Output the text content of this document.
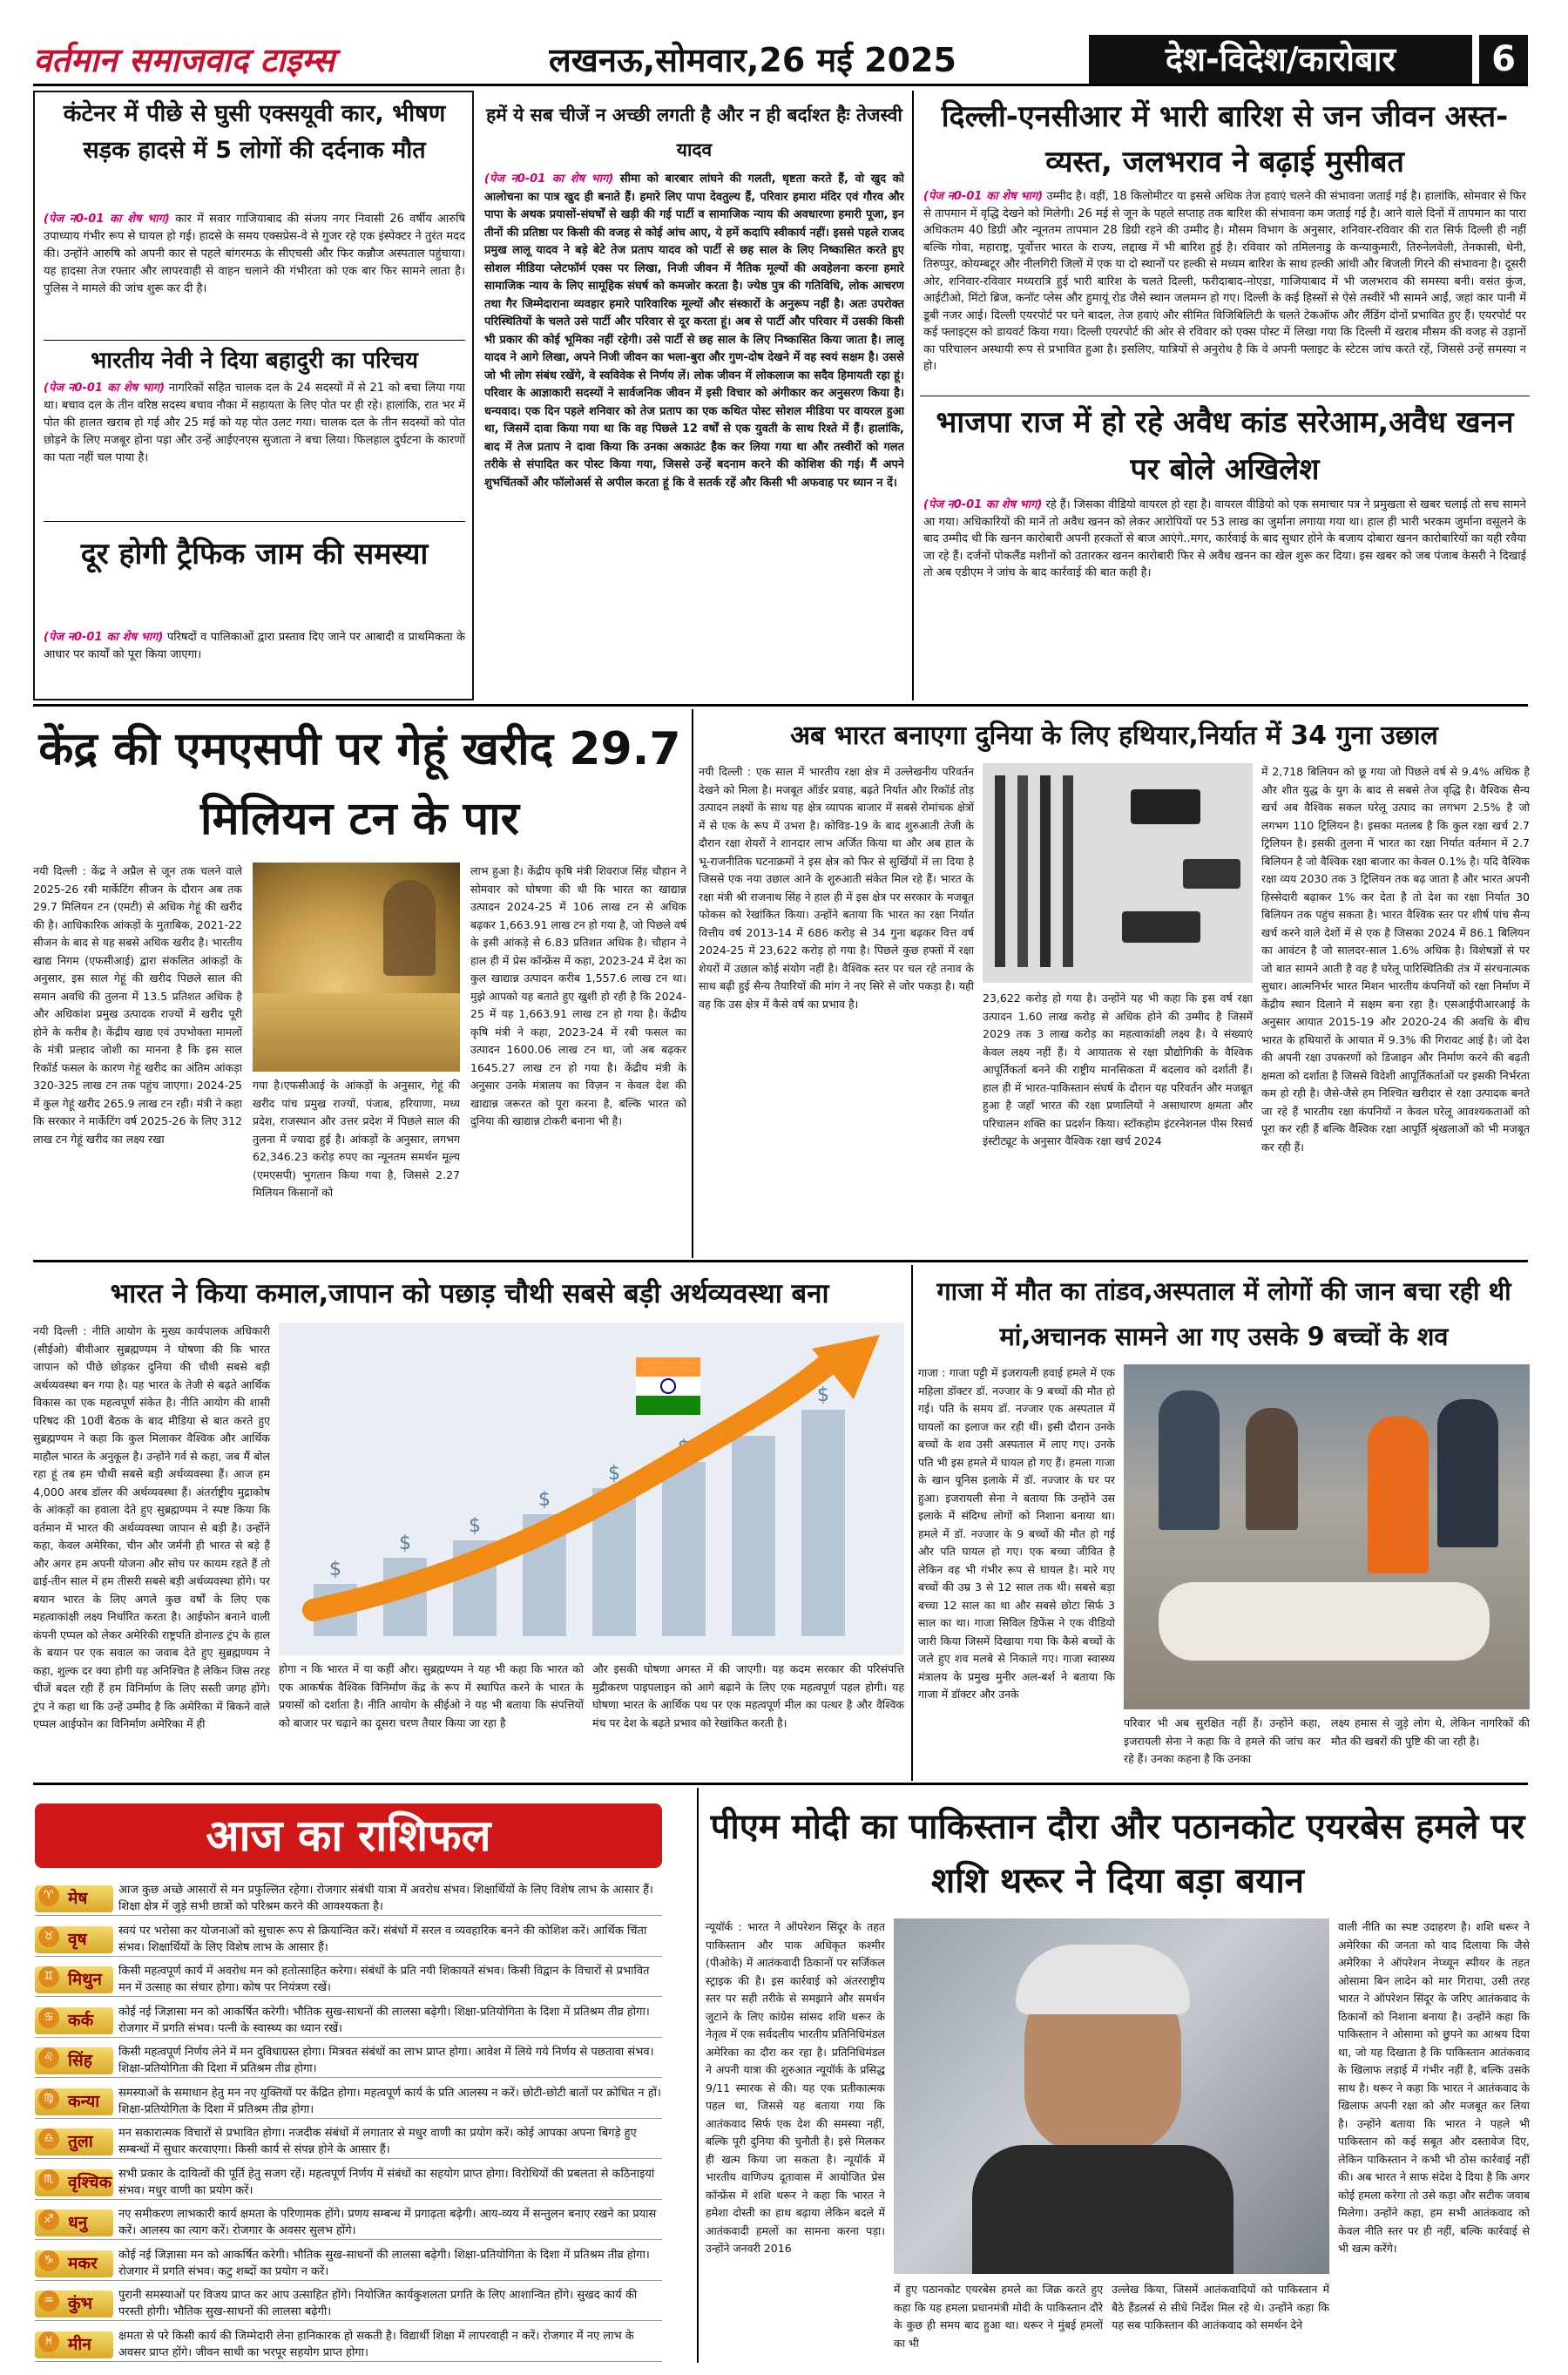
वर्तमान समाजवाद टाइम्स	लखनऊ,सोमवार,26 मई 2025	देश-विदेश/कारोबार	6
कंटेनर में पीछे से घुसी एक्सयूवी कार, भीषण सड़क हादसे में 5 लोगों की दर्दनाक मौत
(पेज न0-01 का शेष भाग) कार में सवार गाजियाबाद की संजय नगर निवासी 26 वर्षीय आरुषि उपाध्याय गंभीर रूप से घायल हो गई। हादसे के समय एक्सप्रेस-वे से गुजर रहे एक इंस्पेक्टर ने तुरंत मदद की। उन्होंने आरुषि को अपनी कार से पहले बांगरमऊ के सीएचसी और फिर कन्नौज अस्पताल पहुंचाया। यह हादसा तेज रफ्तार और लापरवाही से वाहन चलाने की गंभीरता को एक बार फिर सामने लाता है। पुलिस ने मामले की जांच शुरू कर दी है।
भारतीय नेवी ने दिया बहादुरी का परिचय
(पेज न0-01 का शेष भाग) नागरिकों सहित चालक दल के 24 सदस्यों में से 21 को बचा लिया गया था। बचाव दल के तीन वरिष्ठ सदस्य बचाव नौका में सहायता के लिए पोत पर ही रहे। हालांकि, रात भर में पोत की हालत खराब हो गई और 25 मई को यह पोत उलट गया। चालक दल के तीन सदस्यों को पोत छोड़ने के लिए मजबूर होना पड़ा और उन्हें आईएनएस सुजाता ने बचा लिया। फिलहाल दुर्घटना के कारणों का पता नहीं चल पाया है।
दूर होगी ट्रैफिक जाम की समस्या
(पेज न0-01 का शेष भाग) परिषदों व पालिकाओं द्वारा प्रस्ताव दिए जाने पर आबादी व प्राथमिकता के आधार पर कार्यों को पूरा किया जाएगा।
हमें ये सब चीजें न अच्छी लगती है और न ही बर्दाश्त हैः तेजस्वी यादव
(पेज न0-01 का शेष भाग) सीमा को बारबार लांघने की गलती, धृष्टता करते हैं, वो खुद को आलोचना का पात्र खुद ही बनाते हैं। हमारे लिए पापा देवतुल्य हैं, परिवार हमारा मंदिर एवं गौरव और पापा के अथक प्रयासों-संघर्षों से खड़ी की गई पार्टी व सामाजिक न्याय की अवधारणा हमारी पूजा, इन तीनों की प्रतिष्ठा पर किसी की वजह से कोई आंच आए, ये हमें कदापि स्वीकार्य नहीं। इससे पहले राजद प्रमुख लालू यादव ने बड़े बेटे तेज प्रताप यादव को पार्टी से छह साल के लिए निष्कासित करते हुए सोशल मीडिया प्लेटफॉर्म एक्स पर लिखा, निजी जीवन में नैतिक मूल्यों की अवहेलना करना हमारे सामाजिक न्याय के लिए सामूहिक संघर्ष को कमजोर करता है। ज्येष्ठ पुत्र की गतिविधि, लोक आचरण तथा गैर जिम्मेदाराना व्यवहार हमारे पारिवारिक मूल्यों और संस्कारों के अनुरूप नहीं है। अतः उपरोक्त परिस्थितियों के चलते उसे पार्टी और परिवार से दूर करता हूं। अब से पार्टी और परिवार में उसकी किसी भी प्रकार की कोई भूमिका नहीं रहेगी। उसे पार्टी से छह साल के लिए निष्कासित किया जाता है। लालू यादव ने आगे लिखा, अपने निजी जीवन का भला-बुरा और गुण-दोष देखने में वह स्वयं सक्षम है। उससे जो भी लोग संबंध रखेंगे, वे स्वविवेक से निर्णय लें। लोक जीवन में लोकलाज का सदैव हिमायती रहा हूं। परिवार के आज्ञाकारी सदस्यों ने सार्वजनिक जीवन में इसी विचार को अंगीकार कर अनुसरण किया है। धन्यवाद। एक दिन पहले शनिवार को तेज प्रताप का एक कथित पोस्ट सोशल मीडिया पर वायरल हुआ था, जिसमें दावा किया गया था कि वह पिछले 12 वर्षों से एक युवती के साथ रिश्ते में हैं। हालांकि, बाद में तेज प्रताप ने दावा किया कि उनका अकाउंट हैक कर लिया गया था और तस्वीरों को गलत तरीके से संपादित कर पोस्ट किया गया, जिससे उन्हें बदनाम करने की कोशिश की गई। मैं अपने शुभचिंतकों और फॉलोअर्स से अपील करता हूं कि वे सतर्क रहें और किसी भी अफवाह पर ध्यान न दें।
दिल्ली-एनसीआर में भारी बारिश से जन जीवन अस्त-व्यस्त, जलभराव ने बढ़ाई मुसीबत
(पेज न0-01 का शेष भाग) उम्मीद है। वहीं, 18 किलोमीटर या इससे अधिक तेज हवाएं चलने की संभावना जताई गई है। हालांकि, सोमवार से फिर से तापमान में वृद्धि देखने को मिलेगी। 26 मई से जून के पहले सप्ताह तक बारिश की संभावना कम जताई गई है। आने वाले दिनों में तापमान का पारा अधिकतम 40 डिग्री और न्यूनतम तापमान 28 डिग्री रहने की उम्मीद है। मौसम विभाग के अनुसार, शनिवार-रविवार की रात सिर्फ दिल्ली ही नहीं बल्कि गोवा, महाराष्ट्र, पूर्वोत्तर भारत के राज्य, लद्दाख में भी बारिश हुई है। रविवार को तमिलनाडु के कन्याकुमारी, तिरुनेलवेली, तेनकासी, थेनी, तिरुप्पुर, कोयम्बटूर और नीलगिरी जिलों में एक या दो स्थानों पर हल्की से मध्यम बारिश के साथ हल्की आंधी और बिजली गिरने की संभावना है। दूसरी ओर, शनिवार-रविवार मध्यरात्रि हुई भारी बारिश के चलते दिल्ली, फरीदाबाद-नोएडा, गाजियाबाद में भी जलभराव की समस्या बनी। वसंत कुंज, आईटीओ, मिंटो ब्रिज, कनॉट प्लेस और हुमायूं रोड जैसे स्थान जलमग्न हो गए। दिल्ली के कई हिस्सों से ऐसे तस्वीरें भी सामने आईं, जहां कार पानी में डूबी नजर आई। दिल्ली एयरपोर्ट पर घने बादल, तेज हवाएं और सीमित विजिबिलिटी के चलते टेकऑफ और लैंडिंग दोनों प्रभावित हुए हैं। एयरपोर्ट पर कई फ्लाइट्स को डायवर्ट किया गया। दिल्ली एयरपोर्ट की ओर से रविवार को एक्स पोस्ट में लिखा गया कि दिल्ली में खराब मौसम की वजह से उड़ानों का परिचालन अस्थायी रूप से प्रभावित हुआ है। इसलिए, यात्रियों से अनुरोध है कि वे अपनी फ्लाइट के स्टेटस जांच करते रहें, जिससे उन्हें समस्या न हो।
भाजपा राज में हो रहे अवैध कांड सरेआम,अवैध खनन पर बोले अखिलेश
(पेज न0-01 का शेष भाग) रहे हैं। जिसका वीडियो वायरल हो रहा है। वायरल वीडियो को एक समाचार पत्र ने प्रमुखता से खबर चलाई तो सच सामने आ गया। अधिकारियों की मानें तो अवैध खनन को लेकर आरोपियों पर 53 लाख का जुर्माना लगाया गया था। हाल ही भारी भरकम जुर्माना वसूलने के बाद उम्मीद थी कि खनन कारोबारी अपनी हरकतों से बाज आएंगे..मगर, कार्रवाई के बाद सुधार होने के बजाय दोबारा खनन कारोबारियों का यही रवैया जा रहे हैं। दर्जनों पोकलैंड मशीनों को उतारकर खनन कारोबारी फिर से अवैध खनन का खेल शुरू कर दिया। इस खबर को जब पंजाब केसरी ने दिखाई तो अब एडीएम ने जांच के बाद कार्रवाई की बात कही है।
केंद्र की एमएसपी पर गेहूं खरीद 29.7 मिलियन टन के पार
नयी दिल्ली : केंद्र ने अप्रैल से जून तक चलने वाले 2025-26 रबी मार्केटिंग सीजन के दौरान अब तक 29.7 मिलियन टन (एमटी) से अधिक गेहूं की खरीद की है। आधिकारिक आंकड़ों के मुताबिक, 2021-22 सीजन के बाद से यह सबसे अधिक खरीद है। भारतीय खाद्य निगम (एफसीआई) द्वारा संकलित आंकड़ों के अनुसार, इस साल गेहूं की खरीद पिछले साल की समान अवधि की तुलना में 13.5 प्रतिशत अधिक है और अधिकांश प्रमुख उत्पादक राज्यों में खरीद पूरी होने के करीब है। केंद्रीय खाद्य एवं उपभोक्ता मामलों के मंत्री प्रल्हाद जोशी का मानना है कि इस साल रिकॉर्ड फसल के कारण गेहूं खरीद का अंतिम आंकड़ा 320-325 लाख टन तक पहुंच जाएगा। 2024-25 में कुल गेहूं खरीद 265.9 लाख टन रही। मंत्री ने कहा कि सरकार ने मार्केटिंग वर्ष 2025-26 के लिए 312 लाख टन गेहूं खरीद का लक्ष्य रखा
गया है।एफसीआई के आंकड़ों के अनुसार, गेहूं की खरीद पांच प्रमुख राज्यों, पंजाब, हरियाणा, मध्य प्रदेश, राजस्थान और उत्तर प्रदेश में पिछले साल की तुलना में ज्यादा हुई है। आंकड़ों के अनुसार, लगभग 62,346.23 करोड़ रुपए का न्यूनतम समर्थन मूल्य (एमएसपी) भुगतान किया गया है, जिससे 2.27 मिलियन किसानों को
लाभ हुआ है। केंद्रीय कृषि मंत्री शिवराज सिंह चौहान ने सोमवार को घोषणा की थी कि भारत का खाद्यान्न उत्पादन 2024-25 में 106 लाख टन से अधिक बढ़कर 1,663.91 लाख टन हो गया है, जो पिछले वर्ष के इसी आंकड़े से 6.83 प्रतिशत अधिक है। चौहान ने हाल ही में प्रेस कॉन्फ्रेंस में कहा, 2023-24 में देश का कुल खाद्यान्न उत्पादन करीब 1,557.6 लाख टन था। मुझे आपको यह बताते हुए खुशी हो रही है कि 2024-25 में यह 1,663.91 लाख टन हो गया है। केंद्रीय कृषि मंत्री ने कहा, 2023-24 में रबी फसल का उत्पादन 1600.06 लाख टन था, जो अब बढ़कर 1645.27 लाख टन हो गया है। केंद्रीय मंत्री के अनुसार उनके मंत्रालय का विज़न न केवल देश की खाद्यान्न जरूरत को पूरा करना है, बल्कि भारत को दुनिया की खाद्यान्न टोकरी बनाना भी है।
अब भारत बनाएगा दुनिया के लिए हथियार,निर्यात में 34 गुना उछाल
नयी दिल्ली : एक साल में भारतीय रक्षा क्षेत्र में उल्लेखनीय परिवर्तन देखने को मिला है। मजबूत ऑर्डर प्रवाह, बढ़ते निर्यात और रिकॉर्ड तोड़ उत्पादन लक्ष्यों के साथ यह क्षेत्र व्यापक बाजार में सबसे रोमांचक क्षेत्रों में से एक के रूप में उभरा है। कोविड-19 के बाद शुरुआती तेजी के दौरान रक्षा शेयरों ने शानदार लाभ अर्जित किया था और अब हाल के भू-राजनीतिक घटनाक्रमों ने इस क्षेत्र को फिर से सुर्खियों में ला दिया है जिससे एक नया उछाल आने के शुरुआती संकेत मिल रहे हैं। भारत के रक्षा मंत्री श्री राजनाथ सिंह ने हाल ही में इस क्षेत्र पर सरकार के मजबूत फोकस को रेखांकित किया। उन्होंने बताया कि भारत का रक्षा निर्यात वित्तीय वर्ष 2013-14 में 686 करोड़ से 34 गुना बढ़कर वित्त वर्ष 2024-25 में 23,622 करोड़ हो गया है। पिछले कुछ हफ्तों में रक्षा शेयरों में उछाल कोई संयोग नहीं है। वैश्विक स्तर पर चल रहे तनाव के साथ बढ़ी हुई सैन्य तैयारियों की मांग ने नए सिरे से जोर पकड़ा है। यही वह कि उस क्षेत्र में कैसे वर्ष का प्रभाव है।	23,622 करोड़ हो गया है। उन्होंने यह भी कहा कि इस वर्ष रक्षा उत्पादन 1.60 लाख करोड़ से अधिक होने की उम्मीद है जिसमें 2029 तक 3 लाख करोड़ का महत्वाकांक्षी लक्ष्य है। ये संख्याएं केवल लक्ष्य नहीं हैं। ये आयातक से रक्षा प्रौद्योगिकी के वैश्विक आपूर्तिकर्ता बनने की राष्ट्रीय मानसिकता में बदलाव को दर्शाती हैं। हाल ही में भारत-पाकिस्तान संघर्ष के दौरान यह परिवर्तन और मजबूत हुआ है जहाँ भारत की रक्षा प्रणालियों ने असाधारण क्षमता और परिचालन शक्ति का प्रदर्शन किया। स्टॉकहोम इंटरनेशनल पीस रिसर्च इंस्टीट्यूट के अनुसार वैश्विक रक्षा खर्च 2024
में 2,718 बिलियन को छू गया जो पिछले वर्ष से 9.4% अधिक है और शीत युद्ध के युग के बाद से सबसे तेज वृद्धि है। वैश्विक सैन्य खर्च अब वैश्विक सकल घरेलू उत्पाद का लगभग 2.5% है जो लगभग 110 ट्रिलियन है। इसका मतलब है कि कुल रक्षा खर्च 2.7 ट्रिलियन है। इसकी तुलना में भारत का रक्षा निर्यात वर्तमान में 2.7 बिलियन है जो वैश्विक रक्षा बाजार का केवल 0.1% है। यदि वैश्विक रक्षा व्यय 2030 तक 3 ट्रिलियन तक बढ़ जाता है और भारत अपनी हिस्सेदारी बढ़ाकर 1% कर देता है तो देश का रक्षा निर्यात 30 बिलियन तक पहुंच सकता है। भारत वैश्विक स्तर पर शीर्ष पांच सैन्य खर्च करने वाले देशों में से एक है जिसका 2024 में 86.1 बिलियन का आवंटन है जो सालदर-साल 1.6% अधिक है। विशेषज्ञों से पर जो बात सामने आती है वह है घरेलू पारिस्थितिकी तंत्र में संरचनात्मक सुधार। आत्मनिर्भर भारत मिशन भारतीय कंपनियों को रक्षा निर्माण में केंद्रीय स्थान दिलाने में सक्षम बना रहा है। एसआईपीआरआई के अनुसार आयात 2015-19 और 2020-24 की अवधि के बीच भारत के हथियारों के आयात में 9.3% की गिरावट आई है। जो देश की अपनी रक्षा उपकरणों को डिजाइन और निर्माण करने की बढ़ती क्षमता को दर्शाता है जिससे विदेशी आपूर्तिकर्ताओं पर इसकी निर्भरता कम हो रही है। जैसे-जैसे हम निश्चित खरीदार से रक्षा उत्पादक बनते जा रहे हैं भारतीय रक्षा कंपनियों न केवल घरेलू आवश्यकताओं को पूरा कर रही हैं बल्कि वैश्विक रक्षा आपूर्ति श्रृंखलाओं को भी मजबूत कर रही हैं।
भारत ने किया कमाल,जापान को पछाड़ चौथी सबसे बड़ी अर्थव्यवस्था बना
नयी दिल्ली : नीति आयोग के मुख्य कार्यपालक अधिकारी (सीईओ) बीवीआर सुब्रह्मण्यम ने घोषणा की कि भारत जापान को पीछे छोड़कर दुनिया की चौथी सबसे बड़ी अर्थव्यवस्था बन गया है। यह भारत के तेजी से बढ़ते आर्थिक विकास का एक महत्वपूर्ण संकेत है। नीति आयोग की शासी परिषद की 10वीं बैठक के बाद मीडिया से बात करते हुए सुब्रह्मण्यम ने कहा कि कुल मिलाकर वैश्विक और आर्थिक माहौल भारत के अनुकूल है। उन्होंने गर्व से कहा, जब मैं बोल रहा हूं तब हम चौथी सबसे बड़ी अर्थव्यवस्था हैं। आज हम 4,000 अरब डॉलर की अर्थव्यवस्था हैं। अंतर्राष्ट्रीय मुद्राकोष के आंकड़ों का हवाला देते हुए सुब्रह्मण्यम ने स्पष्ट किया कि वर्तमान में भारत की अर्थव्यवस्था जापान से बड़ी है। उन्होंने कहा, केवल अमेरिका, चीन और जर्मनी ही भारत से बड़े हैं और अगर हम अपनी योजना और सोच पर कायम रहते हैं तो ढाई-तीन साल में हम तीसरी सबसे बड़ी अर्थव्यवस्था होंगे। पर बयान भारत के लिए अगले कुछ वर्षों के लिए एक महत्वाकांक्षी लक्ष्य निर्धारित करता है। आईफोन बनाने वाली कंपनी एप्पल को लेकर अमेरिकी राष्ट्रपति डोनाल्ड ट्रंप के हाल के बयान पर एक सवाल का जवाब देते हुए सुब्रह्मण्यम ने कहा, शुल्क दर क्या होगी यह अनिश्चित है लेकिन जिस तरह चीजें बदल रही हैं हम विनिर्माण के लिए सस्ती जगह होंगे। ट्रंप ने कहा था कि उन्हें उम्मीद है कि अमेरिका में बिकने वाले एप्पल आईफोन का विनिर्माण अमेरिका में ही
$
$
$
$
$
$
$
$
होगा न कि भारत में या कहीं और। सुब्रह्मण्यम ने यह भी कहा कि भारत को एक आकर्षक वैश्विक विनिर्माण केंद्र के रूप में स्थापित करने के भारत के प्रयासों को दर्शाता है। नीति आयोग के सीईओ ने यह भी बताया कि संपत्तियों को बाजार पर चढ़ाने का दूसरा चरण तैयार किया जा रहा है
और इसकी घोषणा अगस्त में की जाएगी। यह कदम सरकार की परिसंपत्ति मुद्रीकरण पाइपलाइन को आगे बढ़ाने के लिए एक महत्वपूर्ण पहल होगी। यह घोषणा भारत के आर्थिक पथ पर एक महत्वपूर्ण मील का पत्थर है और वैश्विक मंच पर देश के बढ़ते प्रभाव को रेखांकित करती है।
गाजा में मौत का तांडव,अस्पताल में लोगों की जान बचा रही थी मां,अचानक सामने आ गए उसके 9 बच्चों के शव
गाजा : गाजा पट्टी में इजरायली हवाई हमले में एक महिला डॉक्टर डॉ. नज्जार के 9 बच्चों की मौत हो गई। पति के समय डॉ. नज्जार एक अस्पताल में घायलों का इलाज कर रही थीं। इसी दौरान उनके बच्चों के शव उसी अस्पताल में लाए गए। उनके पति भी इस हमले में घायल हो गए हैं। हमला गाजा के खान यूनिस इलाके में डॉ. नज्जार के घर पर हुआ। इजरायली सेना ने बताया कि उन्होंने उस इलाके में संदिग्ध लोगों को निशाना बनाया था। हमले में डॉ. नज्जार के 9 बच्चों की मौत हो गई और पति घायल हो गए। एक बच्चा जीवित है लेकिन वह भी गंभीर रूप से घायल है। मारे गए बच्चों की उम्र 3 से 12 साल तक थी। सबसे बड़ा बच्चा 12 साल का था और सबसे छोटा सिर्फ 3 साल का था। गाजा सिविल डिफेंस ने एक वीडियो जारी किया जिसमें दिखाया गया कि कैसे बच्चों के जले हुए शव मलबे से निकाले गए। गाजा स्वास्थ्य मंत्रालय के प्रमुख मुनीर अल-बर्श ने बताया कि गाजा में डॉक्टर और उनके
परिवार भी अब सुरक्षित नहीं हैं। उन्होंने कहा, इजरायली सेना ने कहा कि वे हमले की जांच कर रहे हैं। उनका कहना है कि उनका
लक्ष्य हमास से जुड़े लोग थे, लेकिन नागरिकों की मौत की खबरों की पुष्टि की जा रही है।
आज का राशिफल
मेष
♈	आज कुछ अच्छे आसारों से मन प्रफुल्लित रहेगा। रोजगार संबंधी यात्रा में अवरोध संभव। शिक्षार्थियों के लिए विशेष लाभ के आसार हैं। शिक्षा क्षेत्र में जुड़े सभी छात्रों को परिश्रम करने की आवश्यकता है।
वृष
♉	स्वयं पर भरोसा कर योजनाओं को सुचारू रूप से क्रियान्वित करें। संबंधों में सरल व व्यवहारिक बनने की कोशिश करें। आर्थिक चिंता संभव। शिक्षार्थियों के लिए विशेष लाभ के आसार हैं।
मिथुन
♊	किसी महत्वपूर्ण कार्य में अवरोध मन को हतोत्साहित करेगा। संबंधों के प्रति नयी शिकायतें संभव। किसी विद्वान के विचारों से प्रभावित मन में उत्साह का संचार होगा। कोष पर नियंत्रण रखें।
कर्क
♋	कोई नई जिज्ञासा मन को आकर्षित करेगी। भौतिक सुख-साधनों की लालसा बढ़ेगी। शिक्षा-प्रतियोगिता के दिशा में प्रतिश्रम तीव्र होगा। रोजगार में प्रगति संभव। पत्नी के स्वास्थ्य का ध्यान रखें।
सिंह
♌	किसी महत्वपूर्ण निर्णय लेने में मन दुविधाग्रस्त होगा। मित्रवत संबंधों का लाभ प्राप्त होगा। आवेश में लिये गये निर्णय से पछतावा संभव। शिक्षा-प्रतियोगिता की दिशा में प्रतिश्रम तीव्र होगा।
कन्या
♍	समस्याओं के समाधान हेतु मन नए युक्तियों पर केंद्रित होगा। महत्वपूर्ण कार्य के प्रति आलस्य न करें। छोटी-छोटी बातों पर क्रोधित न हों। शिक्षा-प्रतियोगिता के दिशा में प्रतिश्रम तीव्र होगा।
तुला
♎	मन सकारात्मक विचारों से प्रभावित होगा। नजदीक संबंधों में लगातार से मधुर वाणी का प्रयोग करें। कोई आपका अपना बिगड़े हुए सम्बन्धों में सुधार करवाएगा। किसी कार्य से संपन्न होने के आसार हैं।
वृश्चिक
♏	सभी प्रकार के दायित्वों की पूर्ति हेतु सजग रहें। महत्वपूर्ण निर्णय में संबंधों का सहयोग प्राप्त होगा। विरोधियों की प्रबलता से कठिनाइयां संभव। मधुर वाणी का प्रयोग करें।
धनु
♐	नए समीकरण लाभकारी कार्य क्षमता के परिणामक होंगे। प्रणय सम्बन्ध में प्रगाढ़ता बढ़ेगी। आय-व्यय में सन्तुलन बनाए रखने का प्रयास करें। आलस्य का त्याग करें। रोजगार के अवसर सुलभ होंगे।
मकर
♑	कोई नई जिज्ञासा मन को आकर्षित करेगी। भौतिक सुख-साधनों की लालसा बढ़ेगी। शिक्षा-प्रतियोगिता के दिशा में प्रतिश्रम तीव्र होगा। रोजगार में प्रगति संभव। कटु शब्दों का प्रयोग न करें।
कुंभ
♒	पुरानी समस्याओं पर विजय प्राप्त कर आप उत्साहित होंगे। नियोजित कार्यकुशलता प्रगति के लिए आशान्वित होंगे। सुखद कार्य की परस्ती होगी। भौतिक सुख-साधनों की लालसा बढ़ेगी।
मीन
♓	क्षमता से परे किसी कार्य की जिम्मेदारी लेना हानिकारक हो सकती है। विद्यार्थी शिक्षा में लापरवाही न करें। रोजगार में नए लाभ के अवसर प्राप्त होंगे। जीवन साथी का भरपूर सहयोग प्राप्त होगा।
पीएम मोदी का पाकिस्तान दौरा और पठानकोट एयरबेस हमले पर शशि थरूर ने दिया बड़ा बयान
न्यूयॉर्क : भारत ने ऑपरेशन सिंदूर के तहत पाकिस्तान और पाक अधिकृत कश्मीर (पीओके) में आतंकवादी ठिकानों पर सर्जिकल स्ट्राइक की है। इस कार्रवाई को अंतरराष्ट्रीय स्तर पर सही तरीके से समझाने और समर्थन जुटाने के लिए कांग्रेस सांसद शशि थरूर के नेतृत्व में एक सर्वदलीय भारतीय प्रतिनिधिमंडल अमेरिका का दौरा कर रहा है। प्रतिनिधिमंडल ने अपनी यात्रा की शुरुआत न्यूयॉर्क के प्रसिद्ध 9/11 स्मारक से की। यह एक प्रतीकात्मक पहल था, जिससे यह बताया गया कि आतंकवाद सिर्फ एक देश की समस्या नहीं, बल्कि पूरी दुनिया की चुनौती है। इसे मिलकर ही खत्म किया जा सकता है। न्यूयॉर्क में भारतीय वाणिज्य दूतावास में आयोजित प्रेस कॉन्फ्रेंस में शशि थरूर ने कहा कि भारत ने हमेशा दोस्ती का हाथ बढ़ाया लेकिन बदले में आतंकवादी हमलों का सामना करना पड़ा। उन्होंने जनवरी 2016
में हुए पठानकोट एयरबेस हमले का जिक्र करते हुए कहा कि यह हमला प्रधानमंत्री मोदी के पाकिस्तान दौरे के कुछ ही समय बाद हुआ था। थरूर ने मुंबई हमलों का भी
उल्लेख किया, जिसमें आतंकवादियों को पाकिस्तान में बैठे हैंडलर्स से सीधे निर्देश मिल रहे थे। उन्होंने कहा कि यह सब पाकिस्तान की आतंकवाद को समर्थन देने
वाली नीति का स्पष्ट उदाहरण है। शशि थरूर ने अमेरिका की जनता को याद दिलाया कि जैसे अमेरिका ने ऑपरेशन नेप्च्यून स्पीयर के तहत ओसामा बिन लादेन को मार गिराया, उसी तरह भारत ने ऑपरेशन सिंदूर के जरिए आतंकवाद के ठिकानों को निशाना बनाया है। उन्होंने कहा कि पाकिस्तान ने ओसामा को छुपने का आश्रय दिया था, जो यह दिखाता है कि पाकिस्तान आतंकवाद के खिलाफ लड़ाई में गंभीर नहीं है, बल्कि उसके साथ है। थरूर ने कहा कि भारत ने आतंकवाद के खिलाफ अपनी रक्षा को और मजबूत कर लिया है। उन्होंने बताया कि भारत ने पहले भी पाकिस्तान को कई सबूत और दस्तावेज दिए, लेकिन पाकिस्तान ने कभी भी ठोस कार्रवाई नहीं की। अब भारत ने साफ संदेश दे दिया है कि अगर कोई हमला करेगा तो उसे कड़ा और सटीक जवाब मिलेगा। उन्होंने कहा, हम सभी आतंकवाद को केवल नीति स्तर पर ही नहीं, बल्कि कार्रवाई से भी खत्म करेंगे।
